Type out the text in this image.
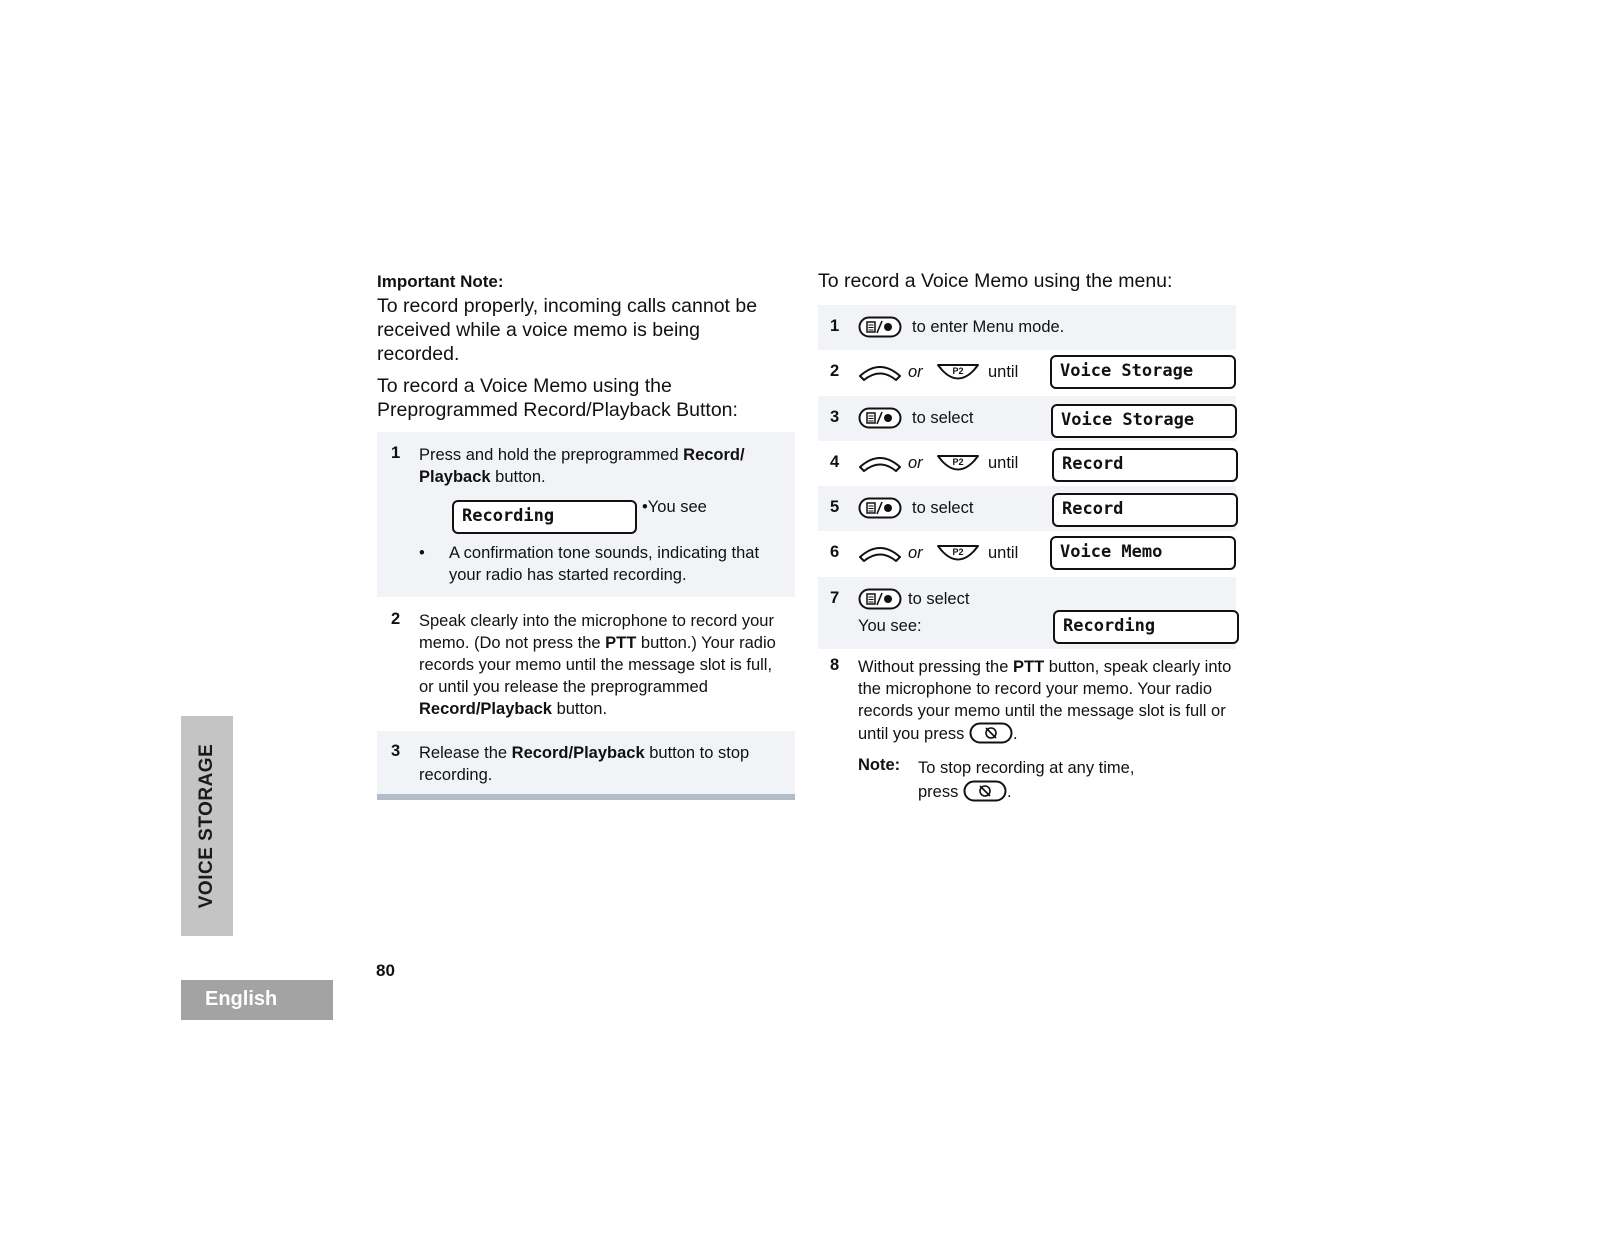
Important Note:
To record properly, incoming calls cannot be received while a voice memo is being recorded.
To record a Voice Memo using the Preprogrammed Record/Playback Button:
1 Press and hold the preprogrammed Record/ Playback button.
Recording	•You see
• A confirmation tone sounds, indicating that your radio has started recording.
2 Speak clearly into the microphone to record your memo. (Do not press the PTT button.) Your radio records your memo until the message slot is full, or until you release the preprogrammed Record/Playback button.
3 Release the Record/Playback button to stop recording.
To record a Voice Memo using the menu:
1	to enter Menu mode.
2	or	until	Voice Storage
3	to select	Voice Storage
4	or	until	Record
5	to select	Record
6	or	until	Voice Memo
7	to select
You see:	Recording
8 Without pressing the PTT button, speak clearly into the microphone to record your memo. Your radio records your memo until the message slot is full or until you press	.
Note: To stop recording at any time, press	.
VOICE STORAGE
80
English
